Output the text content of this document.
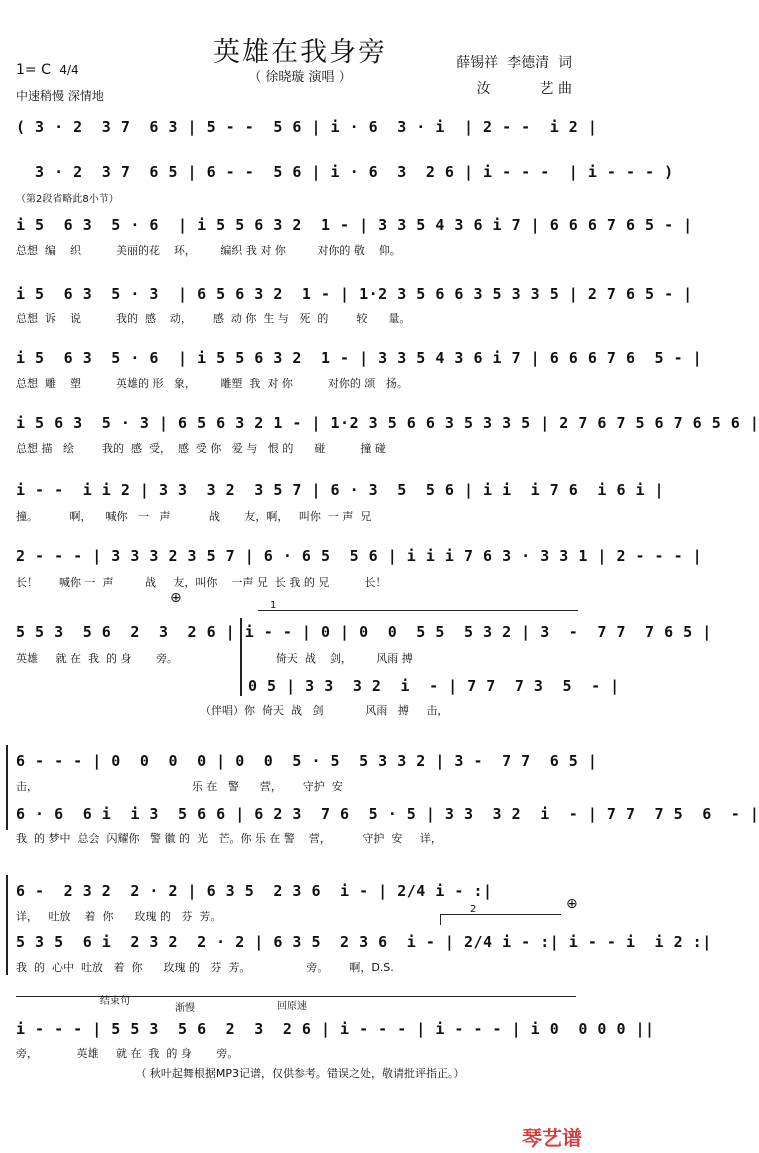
英雄在我身旁
（ 徐晓璇 演唱 ）
薛锡祥  李德清  词
汝           艺 曲
1= C 4/4
中速稍慢 深情地
( 3 · 2  3 7  6 3 | 5 - -  5 6 | i · 6  3 · i  | 2 - -  i 2 |
3 · 2  3 7  6 5 | 6 - -  5 6 | i · 6  3  2 6 | i - - -  | i - - - )
（第2段省略此8小节）
i 5  6 3  5 · 6  | i 5 5 6 3 2  1 - | 3 3 5 4 3 6 i 7 | 6 6 6 7 6 5 - |
总想  编    织          美丽的花    环，       编织 我 对 你         对你的 敬    仰。
i 5  6 3  5 · 3  | 6 5 6 3 2  1 - | 1·2 3 5 6 6 3 5 3 3 5 | 2 7 6 5 - |
总想  诉    说          我的  感    动，      感  动 你  生 与   死  的        较      量。
i 5  6 3  5 · 6  | i 5 5 6 3 2  1 - | 3 3 5 4 3 6 i 7 | 6 6 6 7 6  5 - |
总想  雕    塑          英雄的 形   象，       雕塑  我  对 你          对你的 颂   扬。
i 5 6 3  5 · 3 | 6 5 6 3 2 1 - | 1·2 3 5 6 6 3 5 3 3 5 | 2 7 6 7 5 6 7 6 5 6 |
总想 描   绘        我的  感  受，  感  受 你   爱 与   恨 的      碰          撞 碰
i - -  i i 2 | 3 3  3 2  3 5 7 | 6 · 3  5  5 6 | i i  i 7 6  i 6 i |
撞。         啊，    喊你   一   声           战       友，啊，   叫你  一 声  兄
2 - - - | 3 3 3 2 3 5 7 | 6 · 6 5  5 6 | i i i 7 6 3 · 3 3 1 | 2 - - - |
长！      喊你 一  声         战     友，叫你    一声 兄  长 我 的 兄          长！
⊕	1
5 5 3  5 6  2  3  2 6 | i - - | 0 | 0  0  5 5  5 3 2 | 3  -  7 7  7 6 5 |
英雄     就 在  我  的 身       旁。                            倚天  战    剑，       风雨 搏
0 5 | 3 3  3 2  i  - | 7 7  7 3  5  - |
（伴唱）你  倚天  战   剑            风雨   搏     击，
6 - - - | 0  0  0  0 | 0  0  5 · 5  5 3 3 2 | 3 -  7 7  6 5 |
击，                                            乐 在   警      营，      守护  安
6 · 6  6 i  i 3  5 6 6 | 6 2 3  7 6  5 · 5 | 3 3  3 2  i  - | 7 7  7 5  6  - |
我  的 梦中  总会  闪耀你   警 徽 的  光   芒。你 乐 在 警    营，         守护  安     详，
⊕
2
6 -  2 3 2  2 · 2 | 6 3 5  2 3 6  i - | 2/4 i - :|
详，   吐放    着  你      玫瑰 的   芬  芳。
5 3 5  6 i  2 3 2  2 · 2 | 6 3 5  2 3 6  i - | 2/4 i - :| i - - i  i 2 :|
我  的  心中  吐放   着  你      玫瑰 的   芬  芳。                旁。      啊，D.S.
结束句
渐慢	回原速
i - - - | 5 5 3  5 6  2  3  2 6 | i - - - | i - - - | i 0  0 0 0 ||
旁，           英雄     就 在  我  的 身       旁。
（ 秋叶起舞根据MP3记谱，仅供参考。错误之处，敬请批评指正。）
琴艺谱
